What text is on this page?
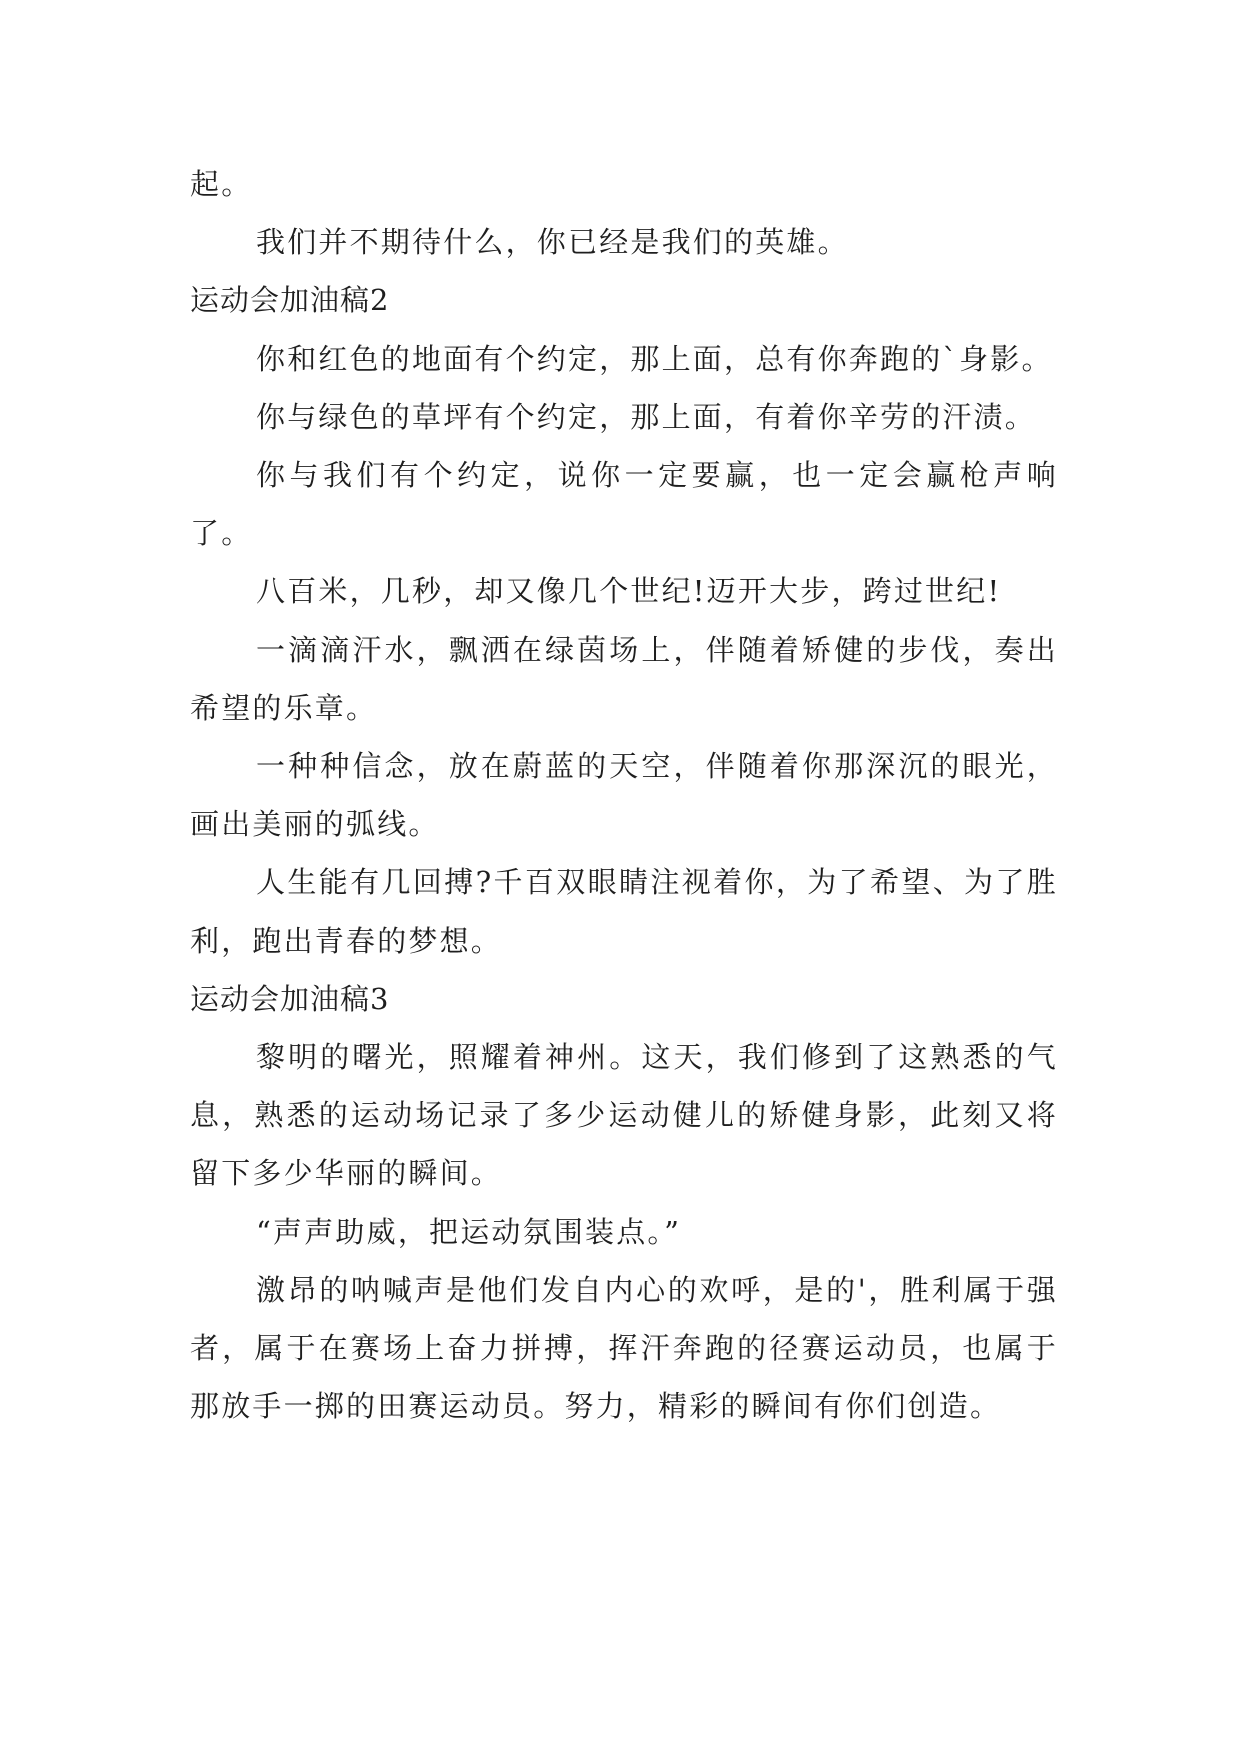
起。

我们并不期待什么，你已经是我们的英雄。

运动会加油稿2

你和红色的地面有个约定，那上面，总有你奔跑的`身影。

你与绿色的草坪有个约定，那上面，有着你辛劳的汗渍。

你与我们有个约定，说你一定要赢，也一定会赢枪声响了。

八百米，几秒，却又像几个世纪!迈开大步，跨过世纪!

一滴滴汗水，飘洒在绿茵场上，伴随着矫健的步伐，奏出希望的乐章。

一种种信念，放在蔚蓝的天空，伴随着你那深沉的眼光，画出美丽的弧线。

人生能有几回搏?千百双眼睛注视着你，为了希望、为了胜利，跑出青春的梦想。

运动会加油稿3

黎明的曙光，照耀着神州。这天，我们修到了这熟悉的气息，熟悉的运动场记录了多少运动健儿的矫健身影，此刻又将留下多少华丽的瞬间。

“声声助威，把运动氛围装点。”

激昂的呐喊声是他们发自内心的欢呼，是的'，胜利属于强者，属于在赛场上奋力拼搏，挥汗奔跑的径赛运动员，也属于那放手一掷的田赛运动员。努力，精彩的瞬间有你们创造。
